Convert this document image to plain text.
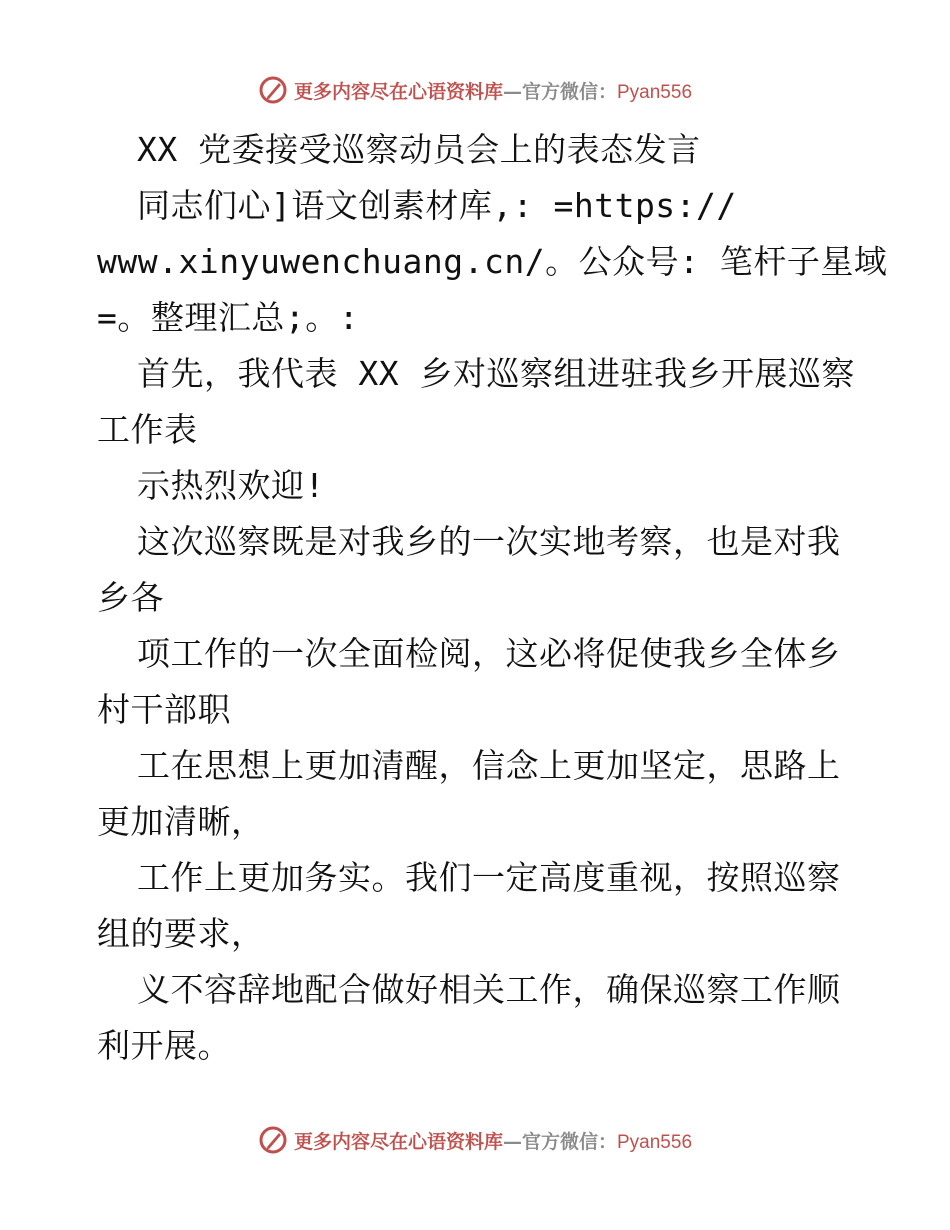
更多内容尽在心语资料库—官方微信：Pyan556
XX 党委接受巡察动员会上的表态发言
同志们心]语文创素材库,: =https://
www.xinyuwenchuang.cn/。公众号: 笔杆子星域
=。整理汇总;。:
首先，我代表 XX 乡对巡察组进驻我乡开展巡察
工作表
示热烈欢迎!
这次巡察既是对我乡的一次实地考察，也是对我
乡各
项工作的一次全面检阅，这必将促使我乡全体乡
村干部职
工在思想上更加清醒，信念上更加坚定，思路上
更加清晰，
工作上更加务实。我们一定高度重视，按照巡察
组的要求，
义不容辞地配合做好相关工作，确保巡察工作顺
利开展。
更多内容尽在心语资料库—官方微信：Pyan556
